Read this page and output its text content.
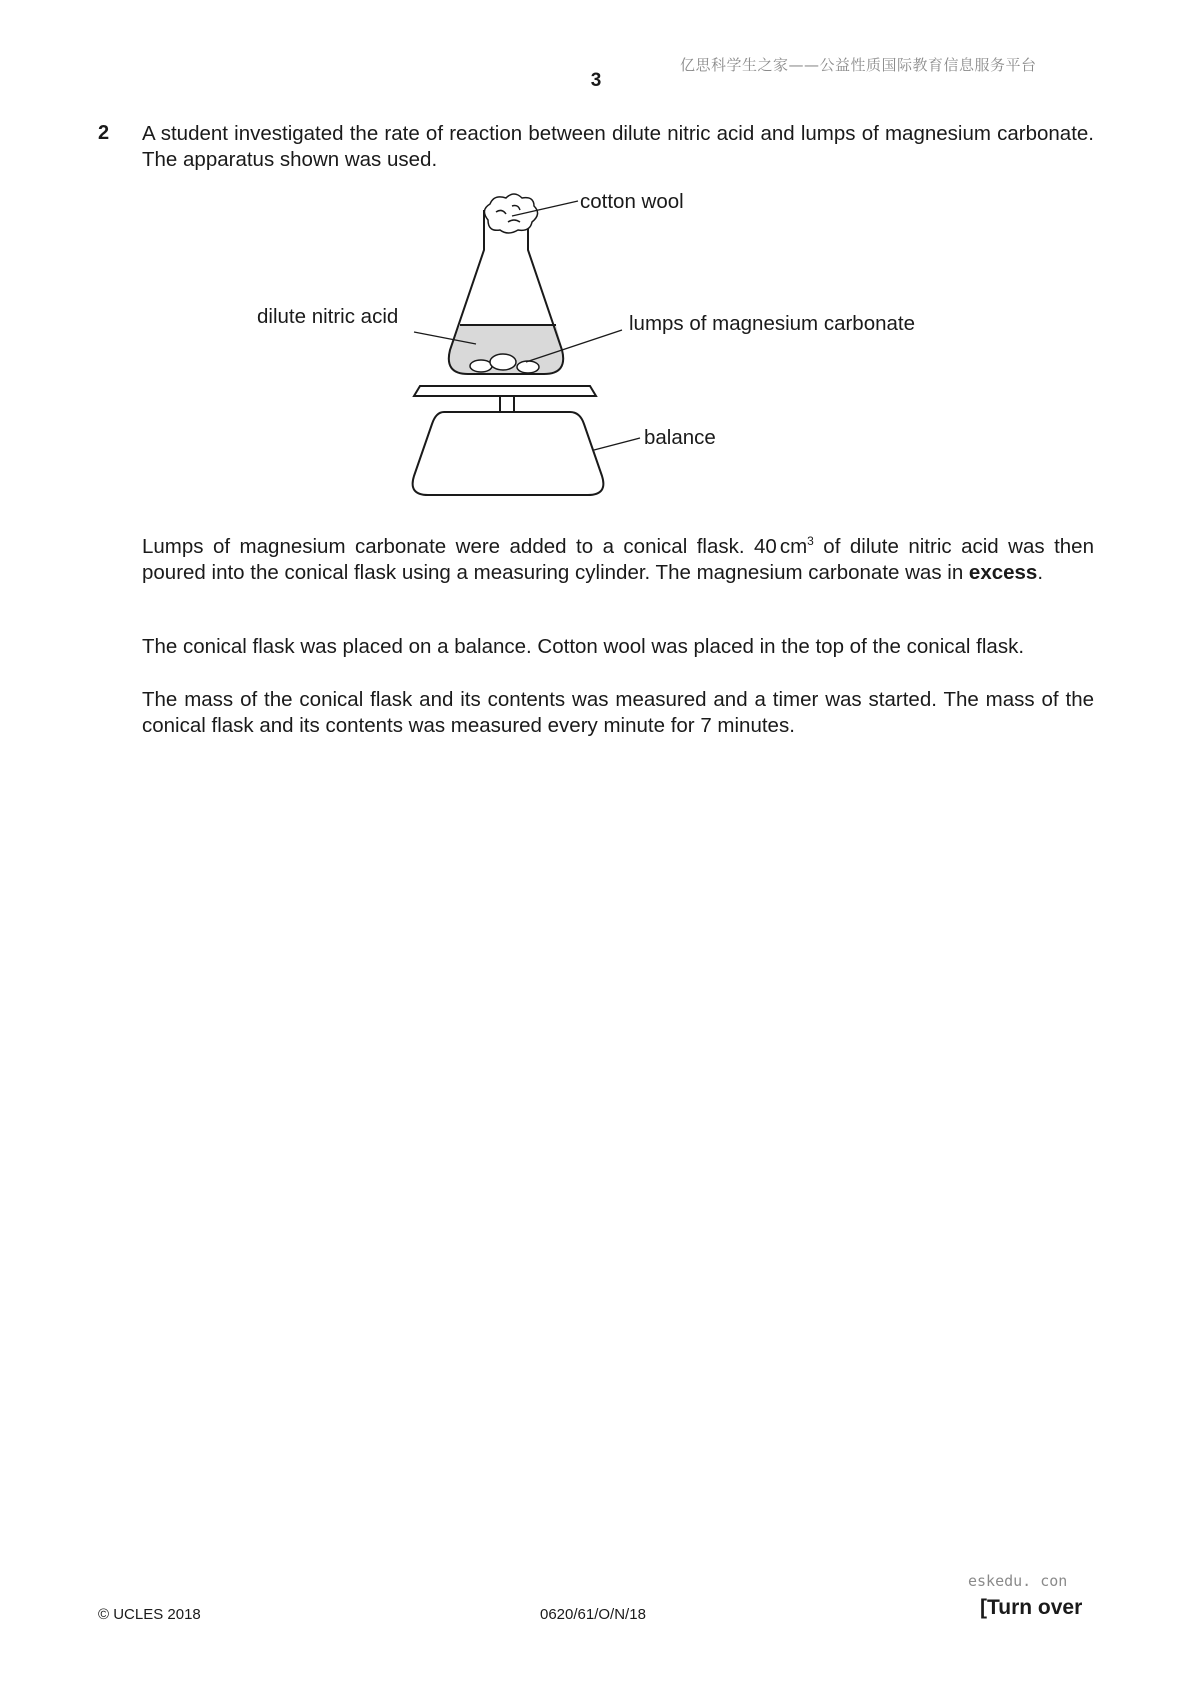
亿思科学生之家——公益性质国际教育信息服务平台
3
2 A student investigated the rate of reaction between dilute nitric acid and lumps of magnesium carbonate. The apparatus shown was used.

cotton wool
dilute nitric acid	lumps of magnesium carbonate
balance

Lumps of magnesium carbonate were added to a conical flask. 40 $cm^3$ of dilute nitric acid was then poured into the conical flask using a measuring cylinder. The magnesium carbonate was in excess.

The conical flask was placed on a balance. Cotton wool was placed in the top of the conical flask.

The mass of the conical flask and its contents was measured and a timer was started. The mass of the conical flask and its contents was measured every minute for 7 minutes.

eskedu. con
© UCLES 2018	0620/61/O/N/18	[Turn over
